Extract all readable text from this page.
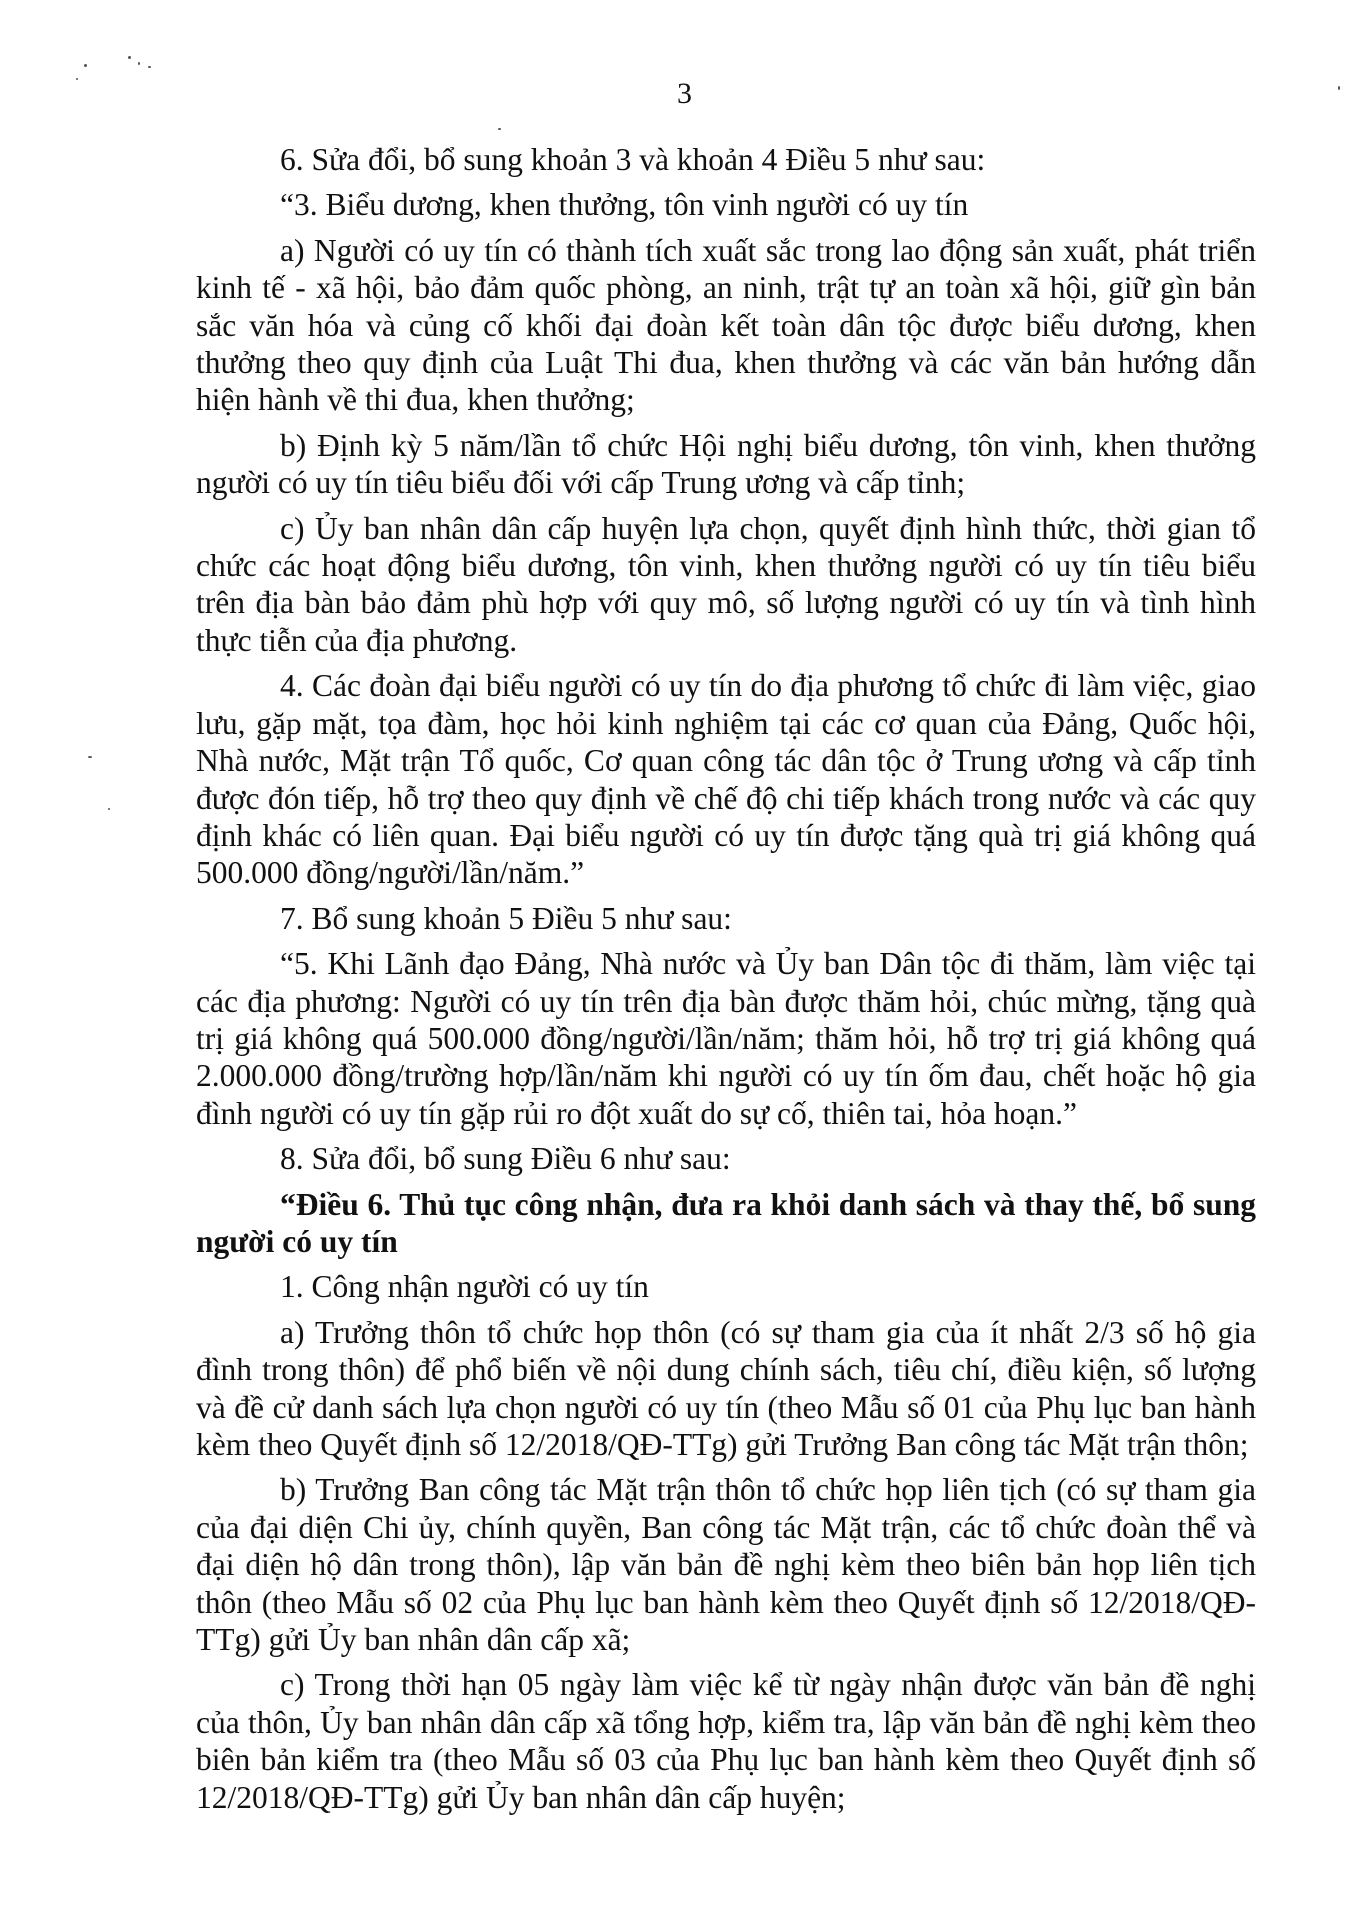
3

6. Sửa đổi, bổ sung khoản 3 và khoản 4 Điều 5 như sau:

“3. Biểu dương, khen thưởng, tôn vinh người có uy tín

a) Người có uy tín có thành tích xuất sắc trong lao động sản xuất, phát triển kinh tế - xã hội, bảo đảm quốc phòng, an ninh, trật tự an toàn xã hội, giữ gìn bản sắc văn hóa và củng cố khối đại đoàn kết toàn dân tộc được biểu dương, khen thưởng theo quy định của Luật Thi đua, khen thưởng và các văn bản hướng dẫn hiện hành về thi đua, khen thưởng;

b) Định kỳ 5 năm/lần tổ chức Hội nghị biểu dương, tôn vinh, khen thưởng người có uy tín tiêu biểu đối với cấp Trung ương và cấp tỉnh;

c) Ủy ban nhân dân cấp huyện lựa chọn, quyết định hình thức, thời gian tổ chức các hoạt động biểu dương, tôn vinh, khen thưởng người có uy tín tiêu biểu trên địa bàn bảo đảm phù hợp với quy mô, số lượng người có uy tín và tình hình thực tiễn của địa phương.

4. Các đoàn đại biểu người có uy tín do địa phương tổ chức đi làm việc, giao lưu, gặp mặt, tọa đàm, học hỏi kinh nghiệm tại các cơ quan của Đảng, Quốc hội, Nhà nước, Mặt trận Tổ quốc, Cơ quan công tác dân tộc ở Trung ương và cấp tỉnh được đón tiếp, hỗ trợ theo quy định về chế độ chi tiếp khách trong nước và các quy định khác có liên quan. Đại biểu người có uy tín được tặng quà trị giá không quá 500.000 đồng/người/lần/năm.”

7. Bổ sung khoản 5 Điều 5 như sau:

“5. Khi Lãnh đạo Đảng, Nhà nước và Ủy ban Dân tộc đi thăm, làm việc tại các địa phương: Người có uy tín trên địa bàn được thăm hỏi, chúc mừng, tặng quà trị giá không quá 500.000 đồng/người/lần/năm; thăm hỏi, hỗ trợ trị giá không quá 2.000.000 đồng/trường hợp/lần/năm khi người có uy tín ốm đau, chết hoặc hộ gia đình người có uy tín gặp rủi ro đột xuất do sự cố, thiên tai, hỏa hoạn.”

8. Sửa đổi, bổ sung Điều 6 như sau:

“Điều 6. Thủ tục công nhận, đưa ra khỏi danh sách và thay thế, bổ sung người có uy tín

1. Công nhận người có uy tín

a) Trưởng thôn tổ chức họp thôn (có sự tham gia của ít nhất 2/3 số hộ gia đình trong thôn) để phổ biến về nội dung chính sách, tiêu chí, điều kiện, số lượng và đề cử danh sách lựa chọn người có uy tín (theo Mẫu số 01 của Phụ lục ban hành kèm theo Quyết định số 12/2018/QĐ-TTg) gửi Trưởng Ban công tác Mặt trận thôn;

b) Trưởng Ban công tác Mặt trận thôn tổ chức họp liên tịch (có sự tham gia của đại diện Chi ủy, chính quyền, Ban công tác Mặt trận, các tổ chức đoàn thể và đại diện hộ dân trong thôn), lập văn bản đề nghị kèm theo biên bản họp liên tịch thôn (theo Mẫu số 02 của Phụ lục ban hành kèm theo Quyết định số 12/2018/QĐ-TTg) gửi Ủy ban nhân dân cấp xã;

c) Trong thời hạn 05 ngày làm việc kể từ ngày nhận được văn bản đề nghị của thôn, Ủy ban nhân dân cấp xã tổng hợp, kiểm tra, lập văn bản đề nghị kèm theo biên bản kiểm tra (theo Mẫu số 03 của Phụ lục ban hành kèm theo Quyết định số 12/2018/QĐ-TTg) gửi Ủy ban nhân dân cấp huyện;
